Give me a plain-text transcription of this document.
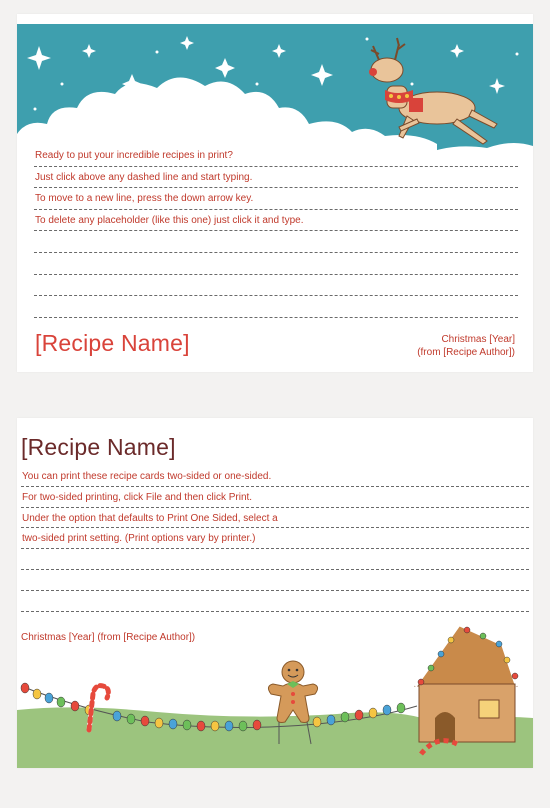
Ready to put your incredible recipes in print?
Just click above any dashed line and start typing.
To move to a new line, press the down arrow key.
To delete any placeholder (like this one) just click it and type.
[Recipe Name]	Christmas [Year]
(from [Recipe Author])
[Recipe Name]
You can print these recipe cards two-sided or one-sided.
For two-sided printing, click File and then click Print.
Under the option that defaults to Print One Sided, select a
two-sided print setting. (Print options vary by printer.)
Christmas [Year] (from [Recipe Author])
